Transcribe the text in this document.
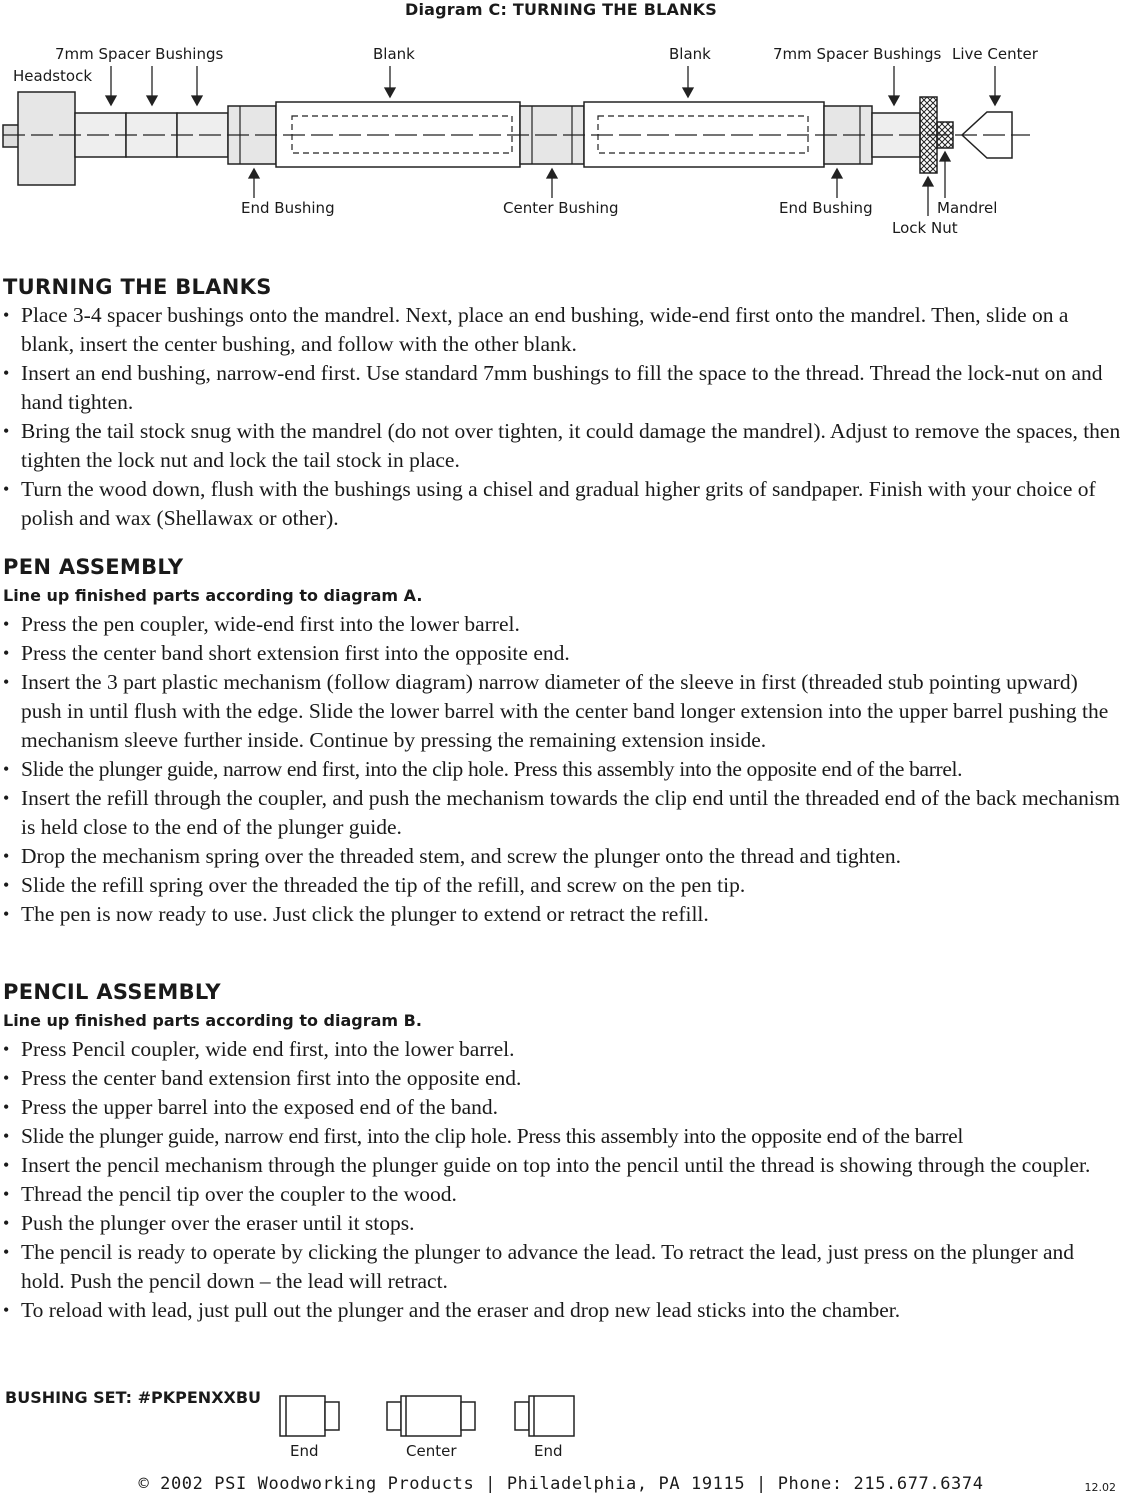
Diagram C: TURNING THE BLANKS
Headstock
7mm Spacer Bushings	Blank	Blank	7mm Spacer Bushings Live Center
End Bushing	Center Bushing	End Bushing	Mandrel
Lock Nut
TURNING THE BLANKS
• Place 3-4 spacer bushings onto the mandrel. Next, place an end bushing, wide-end first onto the mandrel. Then, slide on a blank, insert the center bushing, and follow with the other blank.
• Insert an end bushing, narrow-end first. Use standard 7mm bushings to fill the space to the thread. Thread the lock-nut on and hand tighten.
• Bring the tail stock snug with the mandrel (do not over tighten, it could damage the mandrel). Adjust to remove the spaces, then tighten the lock nut and lock the tail stock in place.
• Turn the wood down, flush with the bushings using a chisel and gradual higher grits of sandpaper. Finish with your choice of polish and wax (Shellawax or other).
PEN ASSEMBLY
Line up finished parts according to diagram A.
• Press the pen coupler, wide-end first into the lower barrel.
• Press the center band short extension first into the opposite end.
• Insert the 3 part plastic mechanism (follow diagram) narrow diameter of the sleeve in first (threaded stub pointing upward) push in until flush with the edge. Slide the lower barrel with the center band longer extension into the upper barrel pushing the mechanism sleeve further inside. Continue by pressing the remaining extension inside.
• Slide the plunger guide, narrow end first, into the clip hole. Press this assembly into the opposite end of the barrel.
• Insert the refill through the coupler, and push the mechanism towards the clip end until the threaded end of the back mechanism is held close to the end of the plunger guide.
• Drop the mechanism spring over the threaded stem, and screw the plunger onto the thread and tighten.
• Slide the refill spring over the threaded the tip of the refill, and screw on the pen tip.
• The pen is now ready to use. Just click the plunger to extend or retract the refill.
PENCIL ASSEMBLY
Line up finished parts according to diagram B.
• Press Pencil coupler, wide end first, into the lower barrel.
• Press the center band extension first into the opposite end.
• Press the upper barrel into the exposed end of the band.
• Slide the plunger guide, narrow end first, into the clip hole. Press this assembly into the opposite end of the barrel
• Insert the pencil mechanism through the plunger guide on top into the pencil until the thread is showing through the coupler.
• Thread the pencil tip over the coupler to the wood.
• Push the plunger over the eraser until it stops.
• The pencil is ready to operate by clicking the plunger to advance the lead. To retract the lead, just press on the plunger and hold. Push the pencil down – the lead will retract.
• To reload with lead, just pull out the plunger and the eraser and drop new lead sticks into the chamber.
BUSHING SET: #PKPENXXBU
End	Center	End
© 2002 PSI Woodworking Products | Philadelphia, PA 19115 | Phone: 215.677.6374	12.02
